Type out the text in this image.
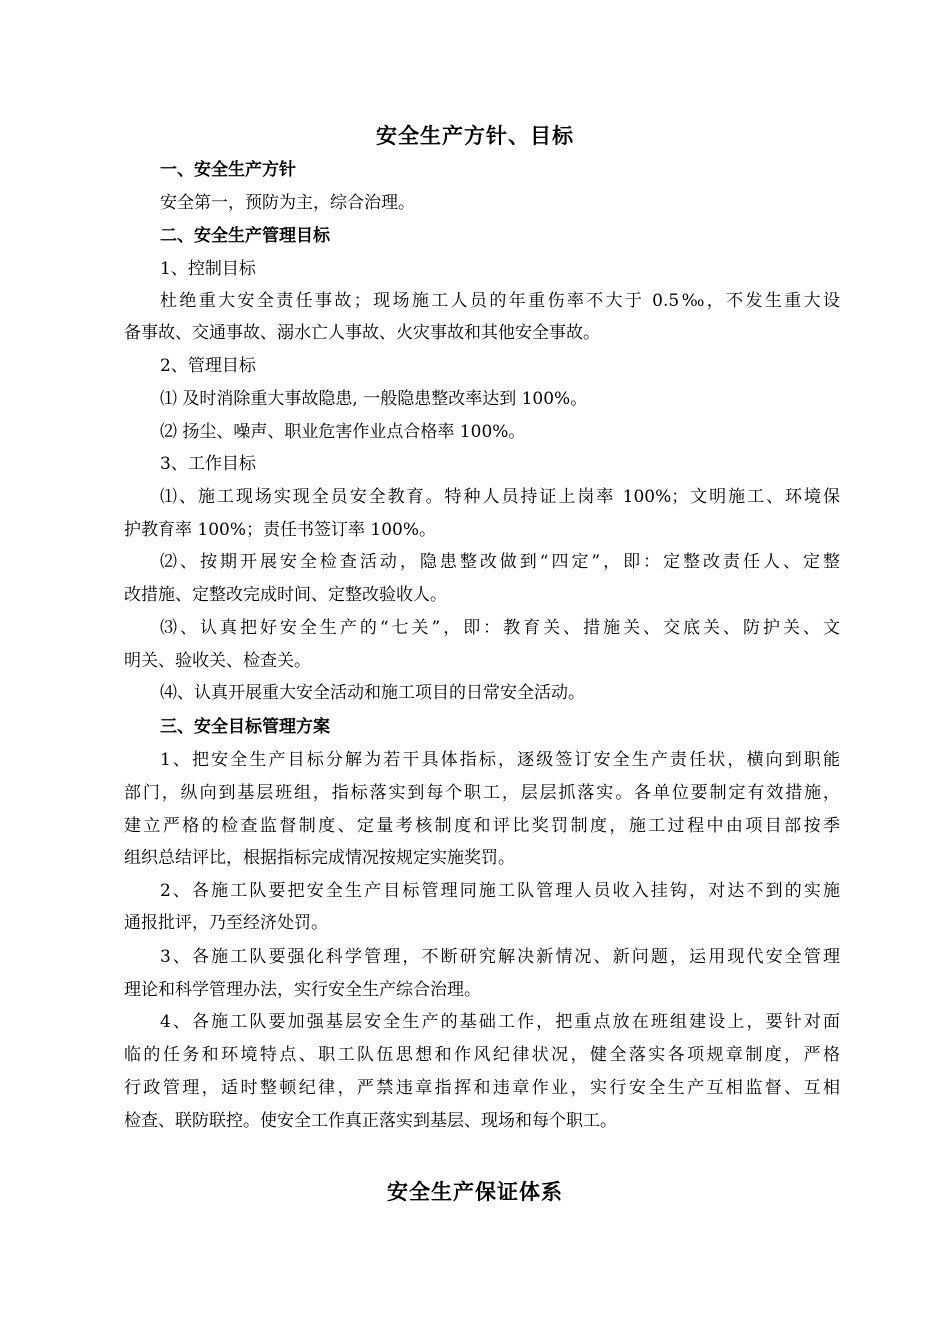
安全生产方针、目标
一、安全生产方针
安全第一，预防为主，综合治理。
二、安全生产管理目标
1、控制目标
杜绝重大安全责任事故；现场施工人员的年重伤率不大于 0.5‰，不发生重大设
备事故、交通事故、溺水亡人事故、火灾事故和其他安全事故。
2、管理目标
⑴ 及时消除重大事故隐患, 一般隐患整改率达到 100%。
⑵ 扬尘、噪声、职业危害作业点合格率 100%。
3、工作目标
⑴、施工现场实现全员安全教育。特种人员持证上岗率 100%；文明施工、环境保
护教育率 100%；责任书签订率 100%。
⑵、按期开展安全检查活动，隐患整改做到“四定”，即：定整改责任人、定整
改措施、定整改完成时间、定整改验收人。
⑶、认真把好安全生产的“七关”，即：教育关、措施关、交底关、防护关、文
明关、验收关、检查关。
⑷、认真开展重大安全活动和施工项目的日常安全活动。
三、安全目标管理方案
1、把安全生产目标分解为若干具体指标，逐级签订安全生产责任状，横向到职能
部门，纵向到基层班组，指标落实到每个职工，层层抓落实。各单位要制定有效措施，
建立严格的检查监督制度、定量考核制度和评比奖罚制度，施工过程中由项目部按季
组织总结评比，根据指标完成情况按规定实施奖罚。
2、各施工队要把安全生产目标管理同施工队管理人员收入挂钩，对达不到的实施
通报批评，乃至经济处罚。
3、各施工队要强化科学管理，不断研究解决新情况、新问题，运用现代安全管理
理论和科学管理办法，实行安全生产综合治理。
4、各施工队要加强基层安全生产的基础工作，把重点放在班组建设上，要针对面
临的任务和环境特点、职工队伍思想和作风纪律状况，健全落实各项规章制度，严格
行政管理，适时整顿纪律，严禁违章指挥和违章作业，实行安全生产互相监督、互相
检查、联防联控。使安全工作真正落实到基层、现场和每个职工。
安全生产保证体系
